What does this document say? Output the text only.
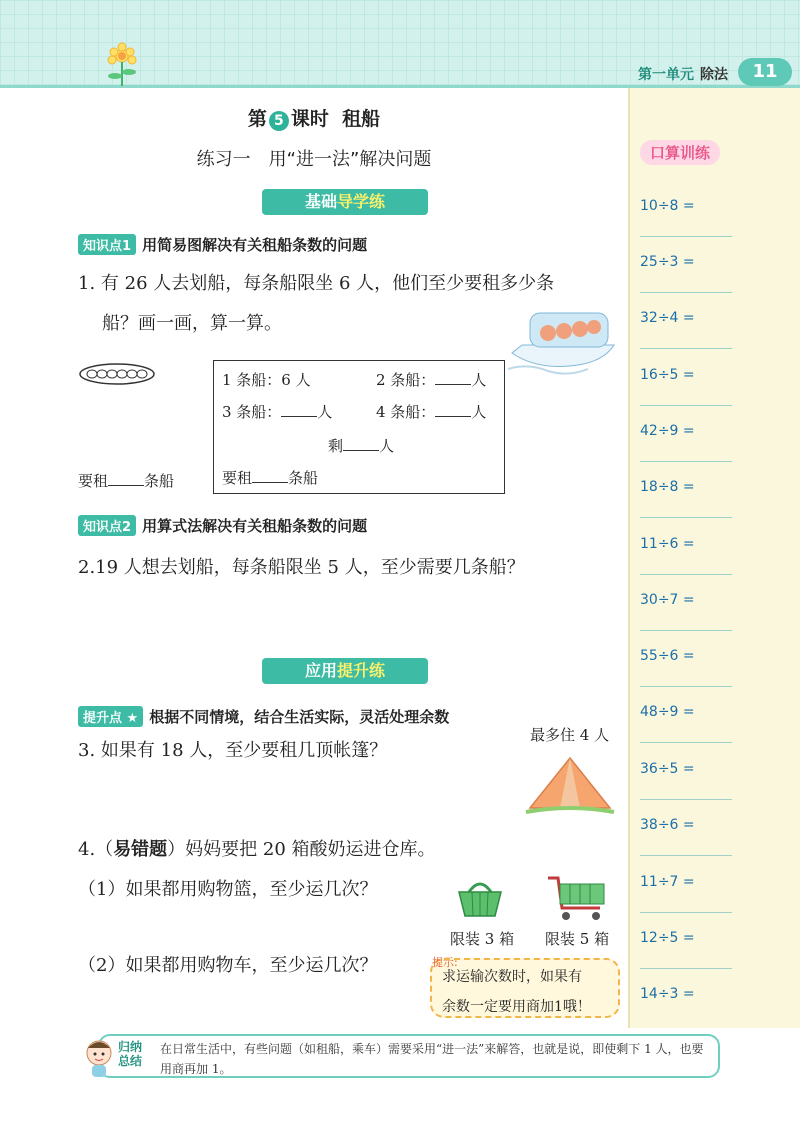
第一单元 除法	11
口算训练
10÷8 =
25÷3 =
32÷4 =
16÷5 =
42÷9 =
18÷8 =
11÷6 =
30÷7 =
55÷6 =
48÷9 =
36÷5 =
38÷6 =
11÷7 =
12÷5 =
14÷3 =
第 5 课时 租船
练习一　用“进一法”解决问题
基础导学练
知识点1 用简易图解决有关租船条数的问题
1. 有 26 人去划船，每条船限坐 6 人，他们至少要租多少条
船？画一画，算一算。
要租 条船
1 条船：6 人	2 条船： 人
3 条船： 人	4 条船： 人
剩 人
要租 条船
知识点2 用算式法解决有关租船条数的问题
2.19 人想去划船，每条船限坐 5 人，至少需要几条船？
应用提升练
提升点 ★ 根据不同情境，结合生活实际，灵活处理余数
3. 如果有 18 人，至少要租几顶帐篷？
最多住 4 人
4.（易错题）妈妈要把 20 箱酸奶运进仓库。
（1）如果都用购物篮，至少运几次？
（2）如果都用购物车，至少运几次？
限装 3 箱 限装 5 箱
求运输次数时，如果有
余数一定要用商加1哦！
提示:
在日常生活中，有些问题（如租船，乘车）需要采用“进一法”来解答，也就是说，即使剩下 1 人，也要用商再加 1。
归纳总结
